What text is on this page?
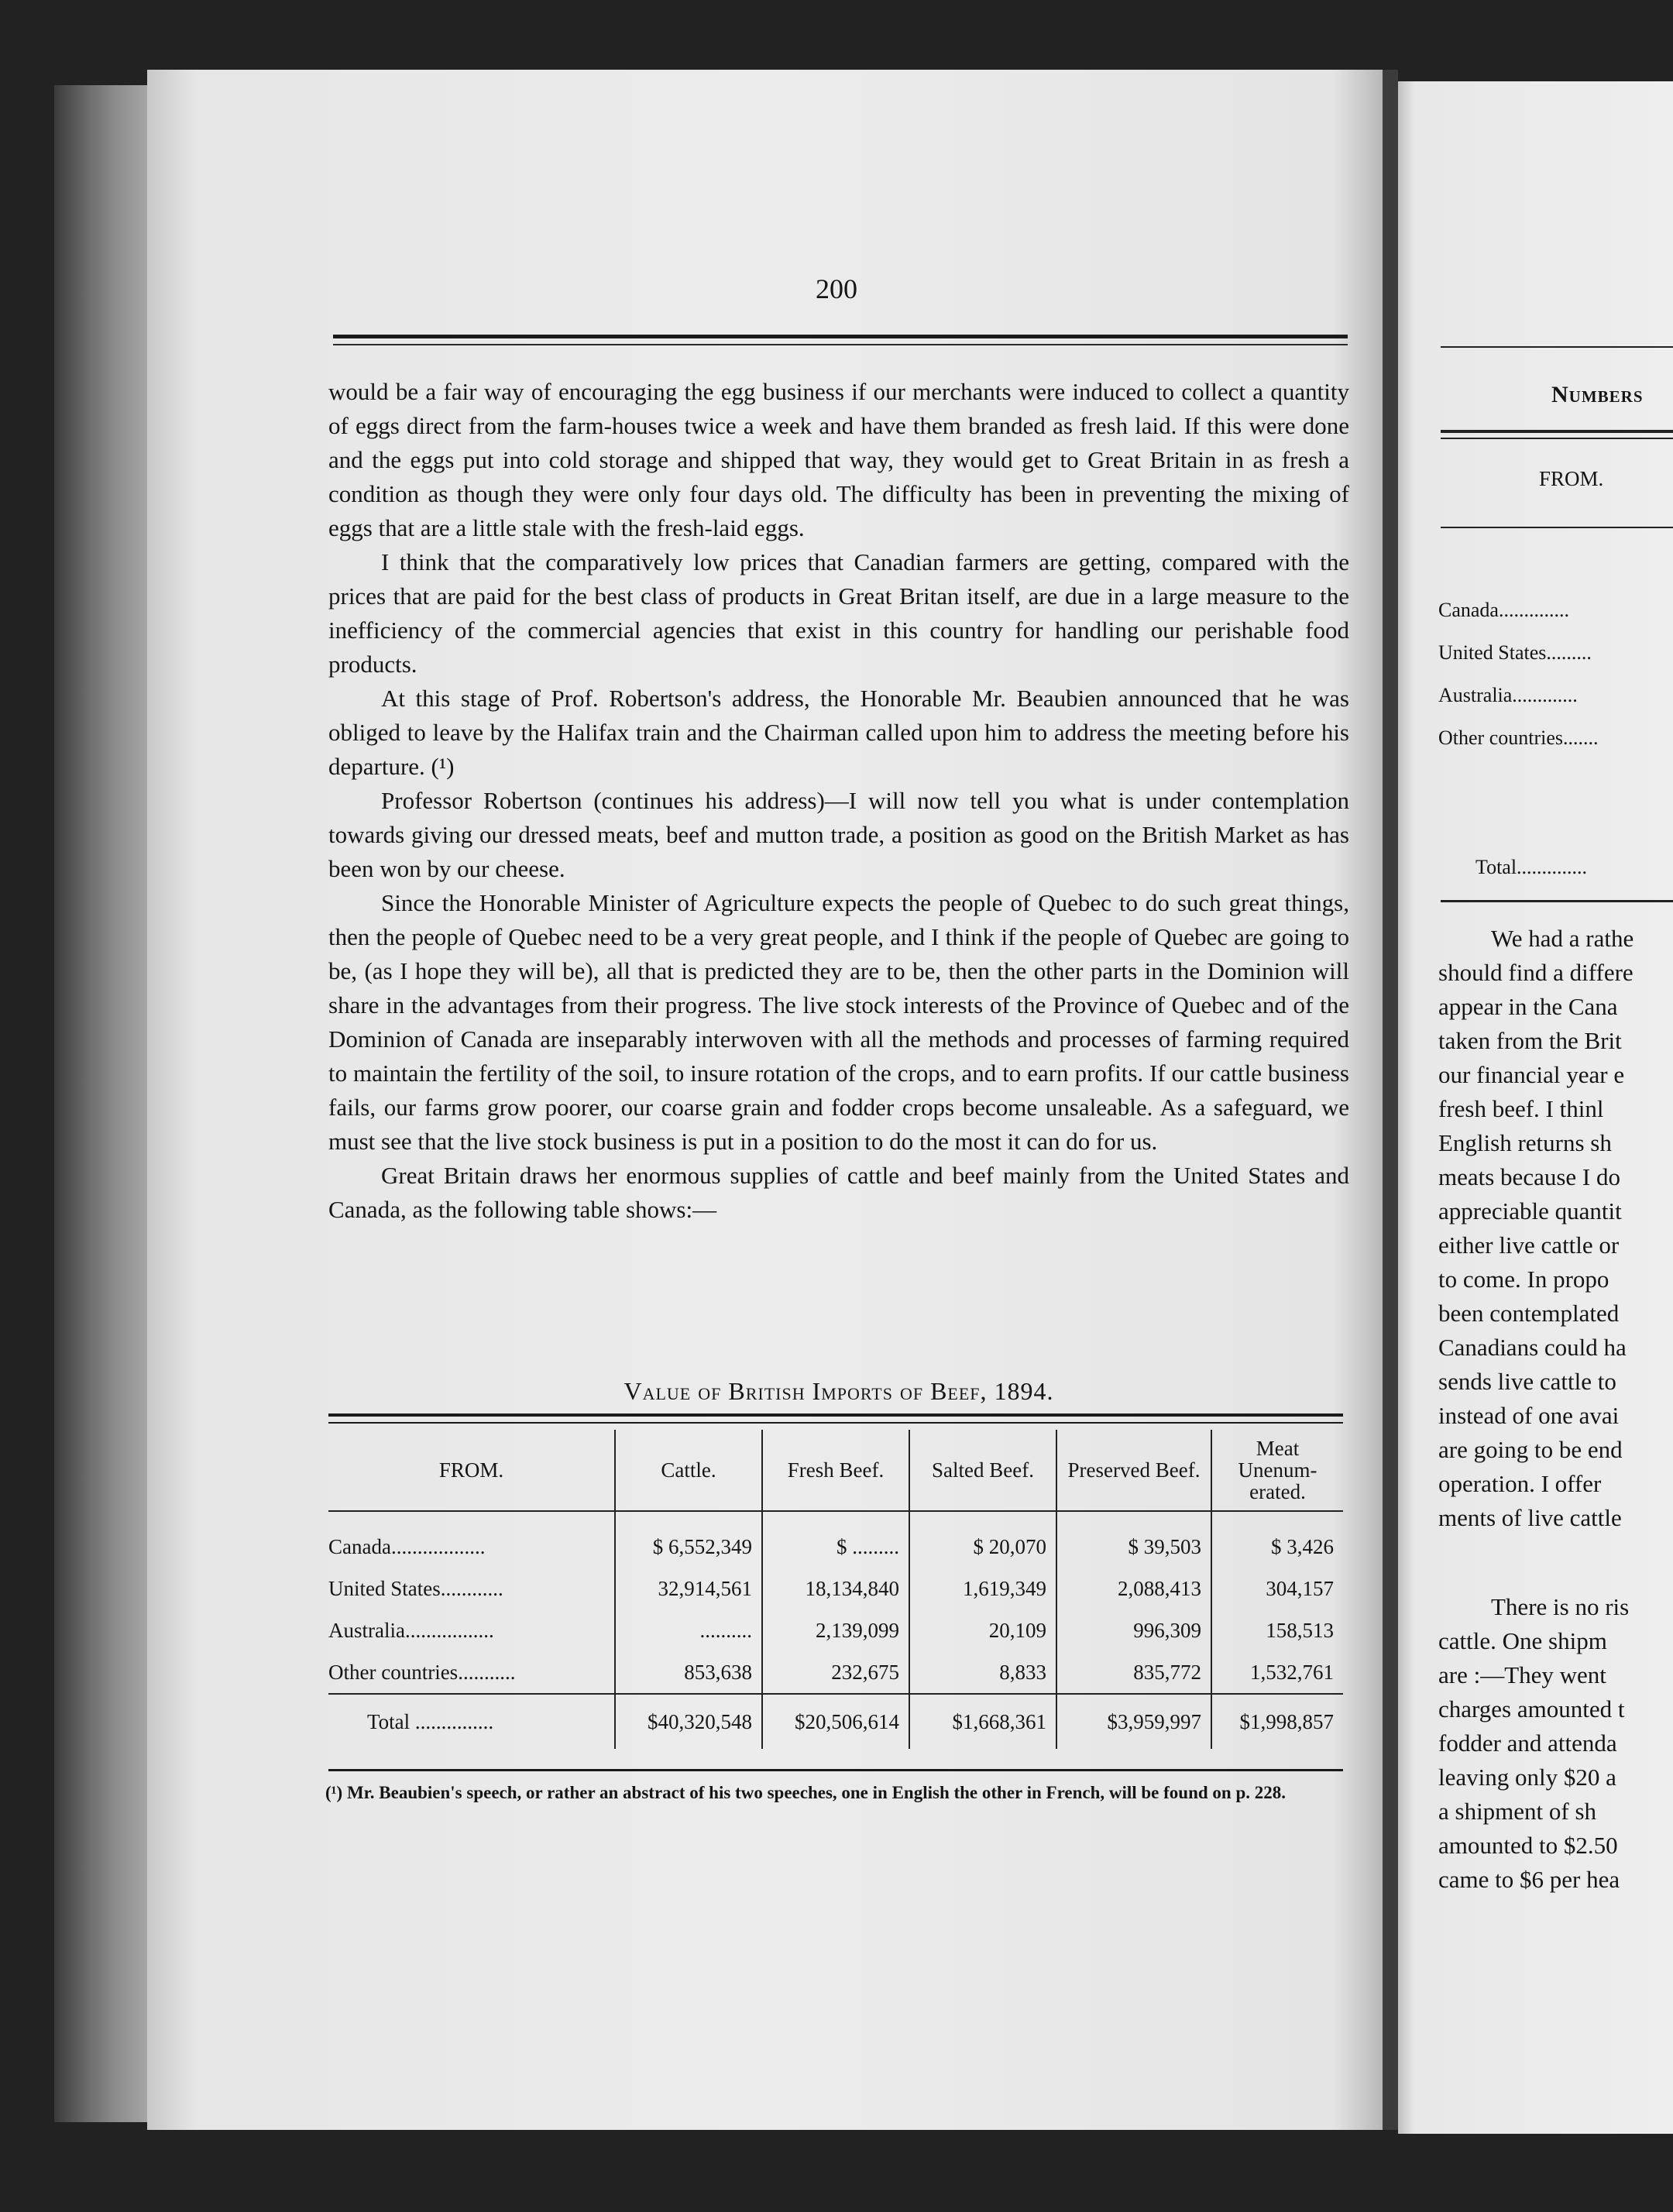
200

would be a fair way of encouraging the egg business if our merchants were induced to collect a quantity of eggs direct from the farm-houses twice a week and have them branded as fresh laid. If this were done and the eggs put into cold storage and shipped that way, they would get to Great Britain in as fresh a condition as though they were only four days old. The difficulty has been in preventing the mixing of eggs that are a little stale with the fresh-laid eggs.

I think that the comparatively low prices that Canadian farmers are getting, compared with the prices that are paid for the best class of products in Great Britan itself, are due in a large measure to the inefficiency of the commercial agencies that exist in this country for handling our perishable food products.

At this stage of Prof. Robertson's address, the Honorable Mr. Beaubien announced that he was obliged to leave by the Halifax train and the Chairman called upon him to address the meeting before his departure. (¹)

Professor Robertson (continues his address)—I will now tell you what is under contemplation towards giving our dressed meats, beef and mutton trade, a position as good on the British Market as has been won by our cheese.

Since the Honorable Minister of Agriculture expects the people of Quebec to do such great things, then the people of Quebec need to be a very great people, and I think if the people of Quebec are going to be, (as I hope they will be), all that is predicted they are to be, then the other parts in the Dominion will share in the advantages from their progress. The live stock interests of the Province of Quebec and of the Dominion of Canada are inseparably interwoven with all the methods and processes of farming required to maintain the fertility of the soil, to insure rotation of the crops, and to earn profits. If our cattle business fails, our farms grow poorer, our coarse grain and fodder crops become unsaleable. As a safeguard, we must see that the live stock business is put in a position to do the most it can do for us.

Great Britain draws her enormous supplies of cattle and beef mainly from the United States and Canada, as the following table shows:—

Value of British Imports of Beef, 1894.
FROM.	Cattle.	Fresh Beef.	Salted Beef.	Preserved Beef.	Meat Unenum-erated.
Canada..................	$ 6,552,349	$ .........	$ 20,070	$ 39,503	$ 3,426
United States............	32,914,561	18,134,840	1,619,349	2,088,413	304,157
Australia.................	..........	2,139,099	20,109	996,309	158,513
Other countries...........	853,638	232,675	8,833	835,772	1,532,761
Total ...............	$40,320,548	$20,506,614	$1,668,361	$3,959,997	$1,998,857
(¹) Mr. Beaubien's speech, or rather an abstract of his two speeches, one in English the other in French, will be found on p. 228.
Numbers
FROM.
Canada..............
United States.........
Australia.............
Other countries.......
Total..............
We had a rathe
should find a differe
appear in the Cana
taken from the Brit
our financial year e
fresh beef. I thinl
English returns sh
meats because I do
appreciable quantit
either live cattle or
to come. In propo
been contemplated
Canadians could ha
sends live cattle to
instead of one avai
are going to be end
operation. I offer
ments of live cattle
There is no ris
cattle. One shipm
are :—They went
charges amounted t
fodder and attenda
leaving only $20 a
a shipment of sh
amounted to $2.50
came to $6 per hea
